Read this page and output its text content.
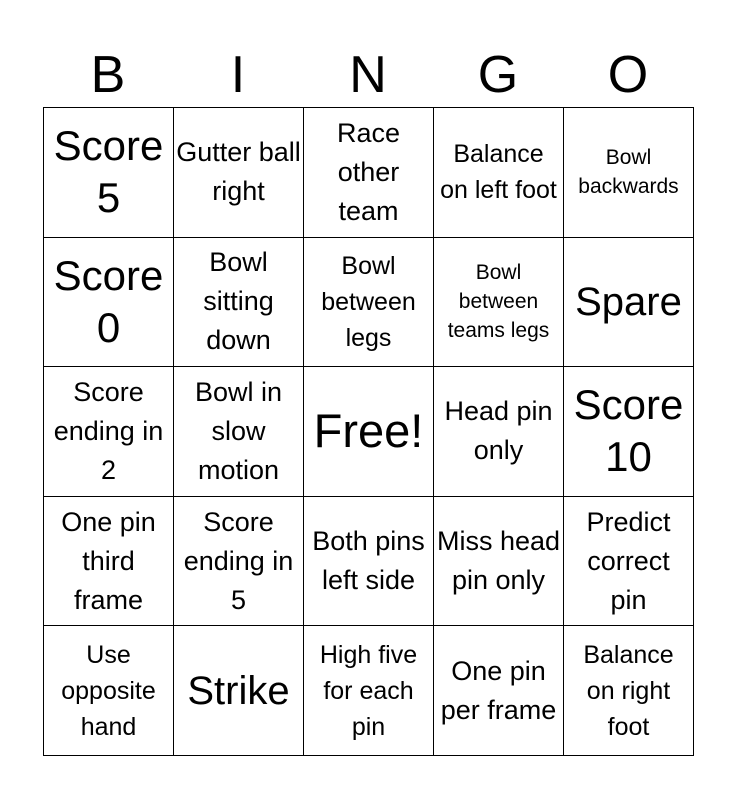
B	I	N	G	O
Score 5	Gutter ball right	Race other team	Balance on left foot	Bowl backwards

Score 0	Bowl sitting down	Bowl between legs	Bowl between teams legs	Spare

Score ending in 2	Bowl in slow motion	Free!	Head pin only	Score 10

One pin third frame	Score ending in 5	Both pins left side	Miss head pin only	Predict correct pin

Use opposite hand	Strike	High five for each pin	One pin per frame	Balance on right foot
